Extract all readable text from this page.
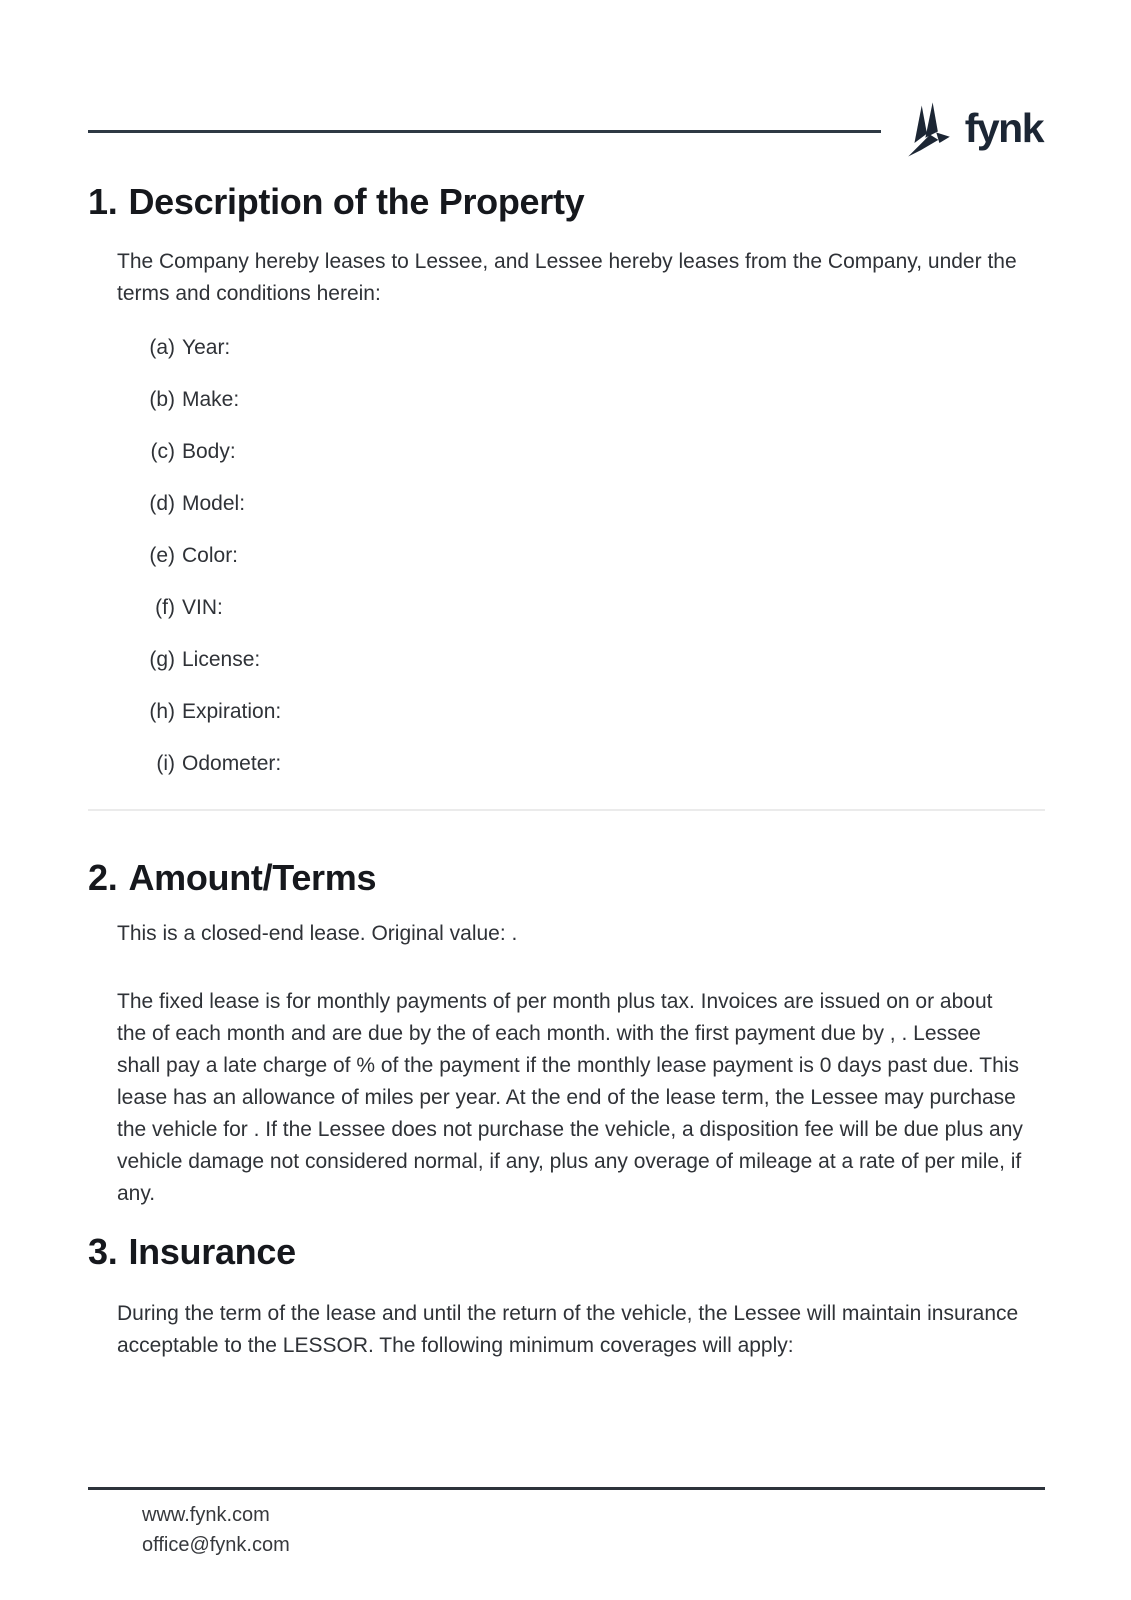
fynk
1. Description of the Property

The Company hereby leases to Lessee, and Lessee hereby leases from the Company, under the terms and conditions herein:

(a) Year:
(b) Make:
(c) Body:
(d) Model:
(e) Color:
(f) VIN:
(g) License:
(h) Expiration:
(i) Odometer:
2. Amount/Terms

This is a closed-end lease. Original value: .

The fixed lease is for monthly payments of per month plus tax. Invoices are issued on or about the of each month and are due by the of each month. with the first payment due by , . Lessee shall pay a late charge of % of the payment if the monthly lease payment is 0 days past due. This lease has an allowance of miles per year. At the end of the lease term, the Lessee may purchase the vehicle for . If the Lessee does not purchase the vehicle, a disposition fee will be due plus any vehicle damage not considered normal, if any, plus any overage of mileage at a rate of per mile, if any.

3. Insurance

During the term of the lease and until the return of the vehicle, the Lessee will maintain insurance acceptable to the LESSOR. The following minimum coverages will apply:

www.fynk.com
office@fynk.com
